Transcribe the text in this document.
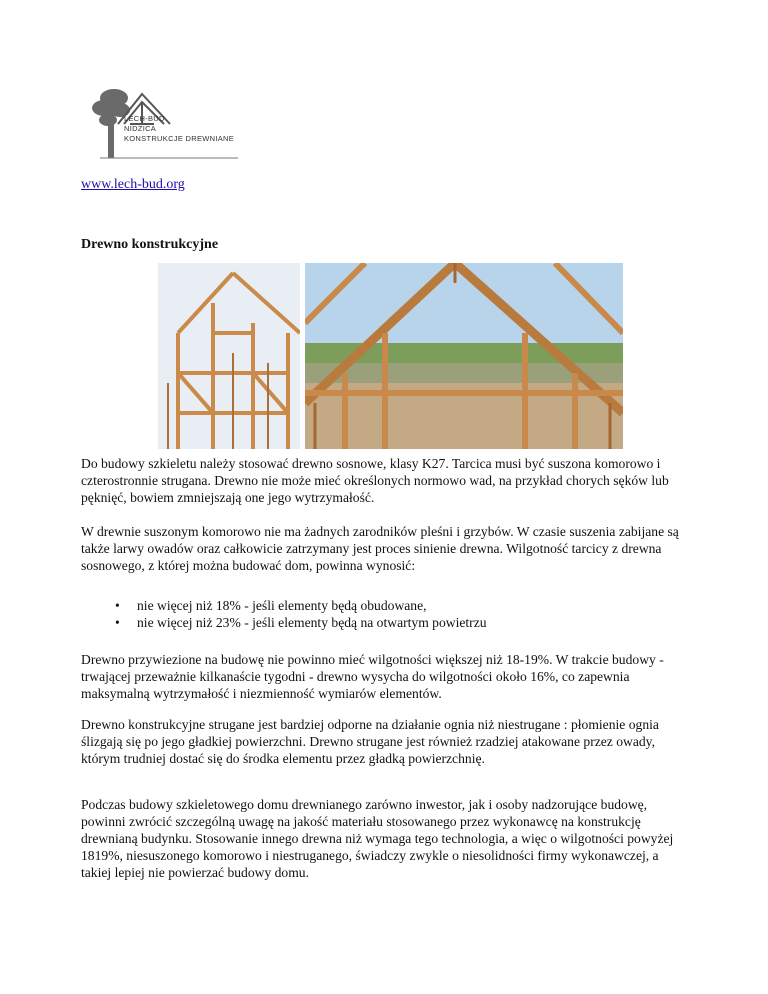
LECH-BUD
NIDZICA
KONSTRUKCJE DREWNIANE
www.lech-bud.org
Drewno konstrukcyjne

Do budowy szkieletu należy stosować drewno sosnowe, klasy K27. Tarcica musi być suszona komorowo i czterostronnie strugana. Drewno nie może mieć określonych normowo wad, na przykład chorych sęków lub pęknięć, bowiem zmniejszają one jego wytrzymałość.

W drewnie suszonym komorowo nie ma żadnych zarodników pleśni i grzybów. W czasie suszenia zabijane są także larwy owadów oraz całkowicie zatrzymany jest proces sinienie drewna. Wilgotność tarcicy z drewna sosnowego, z której można budować dom, powinna wynosić:

• nie więcej niż 18% - jeśli elementy będą obudowane,
• nie więcej niż 23% - jeśli elementy będą na otwartym powietrzu

Drewno przywiezione na budowę nie powinno mieć wilgotności większej niż 18-19%. W trakcie budowy - trwającej przeważnie kilkanaście tygodni - drewno wysycha do wilgotności około 16%, co zapewnia maksymalną wytrzymałość i niezmienność wymiarów elementów.

Drewno konstrukcyjne strugane jest bardziej odporne na działanie ognia niż niestrugane : płomienie ognia ślizgają się po jego gładkiej powierzchni. Drewno strugane jest również rzadziej atakowane przez owady, którym trudniej dostać się do środka elementu przez gładką powierzchnię.

Podczas budowy szkieletowego domu drewnianego zarówno inwestor, jak i osoby nadzorujące budowę, powinni zwrócić szczególną uwagę na jakość materiału stosowanego przez wykonawcę na konstrukcję drewnianą budynku. Stosowanie innego drewna niż wymaga tego technologia, a więc o wilgotności powyżej 1819%, niesuszonego komorowo i niestruganego, świadczy zwykle o niesolidności firmy wykonawczej, a takiej lepiej nie powierzać budowy domu.
